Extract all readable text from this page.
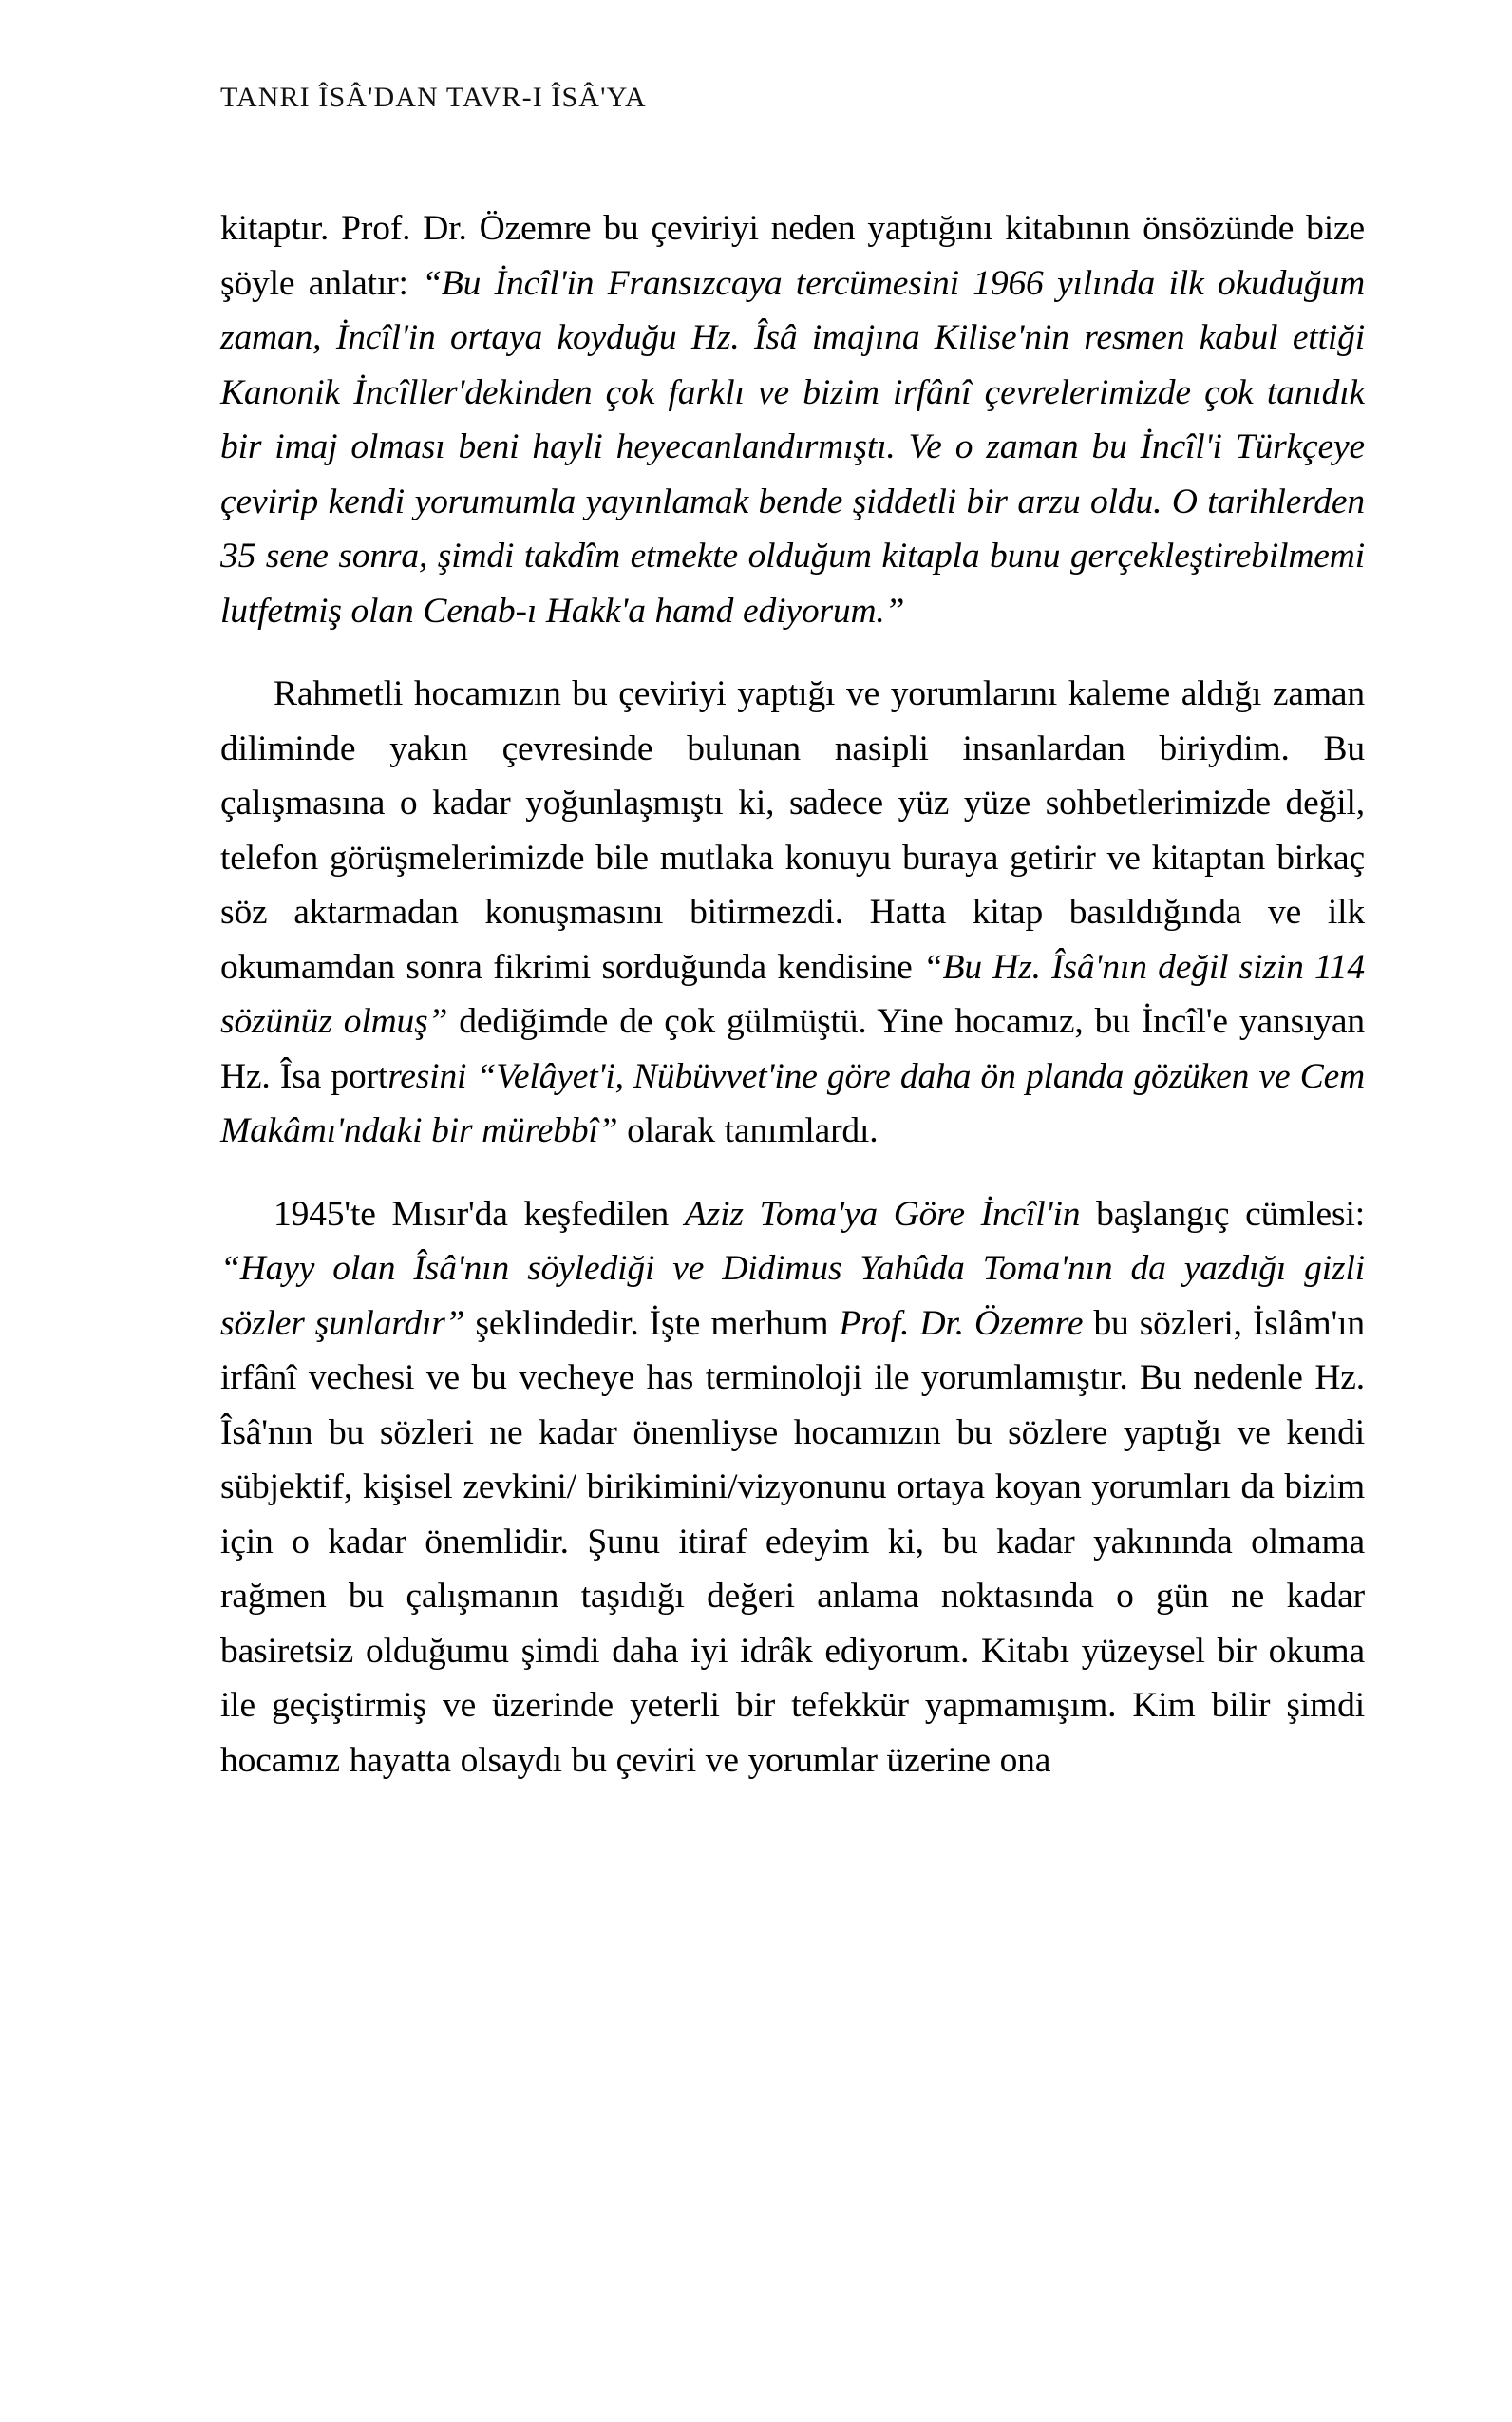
TANRI ÎSÂ'DAN TAVR-I ÎSÂ'YA

kitaptır. Prof. Dr. Özemre bu çeviriyi neden yaptığını kitabının önsözünde bize şöyle anlatır: “Bu İncîl'in Fransızcaya tercümesini 1966 yılında ilk okuduğum zaman, İncîl'in ortaya koyduğu Hz. Îsâ imajına Kilise'nin resmen kabul ettiği Kanonik İncîller'dekinden çok farklı ve bizim irfânî çevrelerimizde çok tanıdık bir imaj olması beni hayli heyecanlandırmıştı. Ve o zaman bu İncîl'i Türkçeye çevirip kendi yorumumla yayınlamak bende şiddetli bir arzu oldu. O tarihlerden 35 sene sonra, şimdi takdîm etmekte olduğum kitapla bunu gerçekleştirebilmemi lutfetmiş olan Cenab-ı Hakk'a hamd ediyorum.”

Rahmetli hocamızın bu çeviriyi yaptığı ve yorumlarını kaleme aldığı zaman diliminde yakın çevresinde bulunan nasipli insanlardan biriydim. Bu çalışmasına o kadar yoğunlaşmıştı ki, sadece yüz yüze sohbetlerimizde değil, telefon görüşmelerimizde bile mutlaka konuyu buraya getirir ve kitaptan birkaç söz aktarmadan konuşmasını bitirmezdi. Hatta kitap basıldığında ve ilk okumamdan sonra fikrimi sorduğunda kendisine “Bu Hz. Îsâ'nın değil sizin 114 sözünüz olmuş” dediğimde de çok gülmüştü. Yine hocamız, bu İncîl'e yansıyan Hz. Îsa portresini “Velâyet'i, Nübüvvet'ine göre daha ön planda gözüken ve Cem Makâmı'ndaki bir mürebbî” olarak tanımlardı.

1945'te Mısır'da keşfedilen Aziz Toma'ya Göre İncîl'in başlangıç cümlesi: “Hayy olan Îsâ'nın söylediği ve Didimus Yahûda Toma'nın da yazdığı gizli sözler şunlardır” şeklindedir. İşte merhum Prof. Dr. Özemre bu sözleri, İslâm'ın irfânî vechesi ve bu vecheye has terminoloji ile yorumlamıştır. Bu nedenle Hz. Îsâ'nın bu sözleri ne kadar önemliyse hocamızın bu sözlere yaptığı ve kendi sübjektif, kişisel zevkini/ birikimini/vizyonunu ortaya koyan yorumları da bizim için o kadar önemlidir. Şunu itiraf edeyim ki, bu kadar yakınında olmama rağmen bu çalışmanın taşıdığı değeri anlama noktasında o gün ne kadar basiretsiz olduğumu şimdi daha iyi idrâk ediyorum. Kitabı yüzeysel bir okuma ile geçiştirmiş ve üzerinde yeterli bir tefekkür yapmamışım. Kim bilir şimdi hocamız hayatta olsaydı bu çeviri ve yorumlar üzerine ona
